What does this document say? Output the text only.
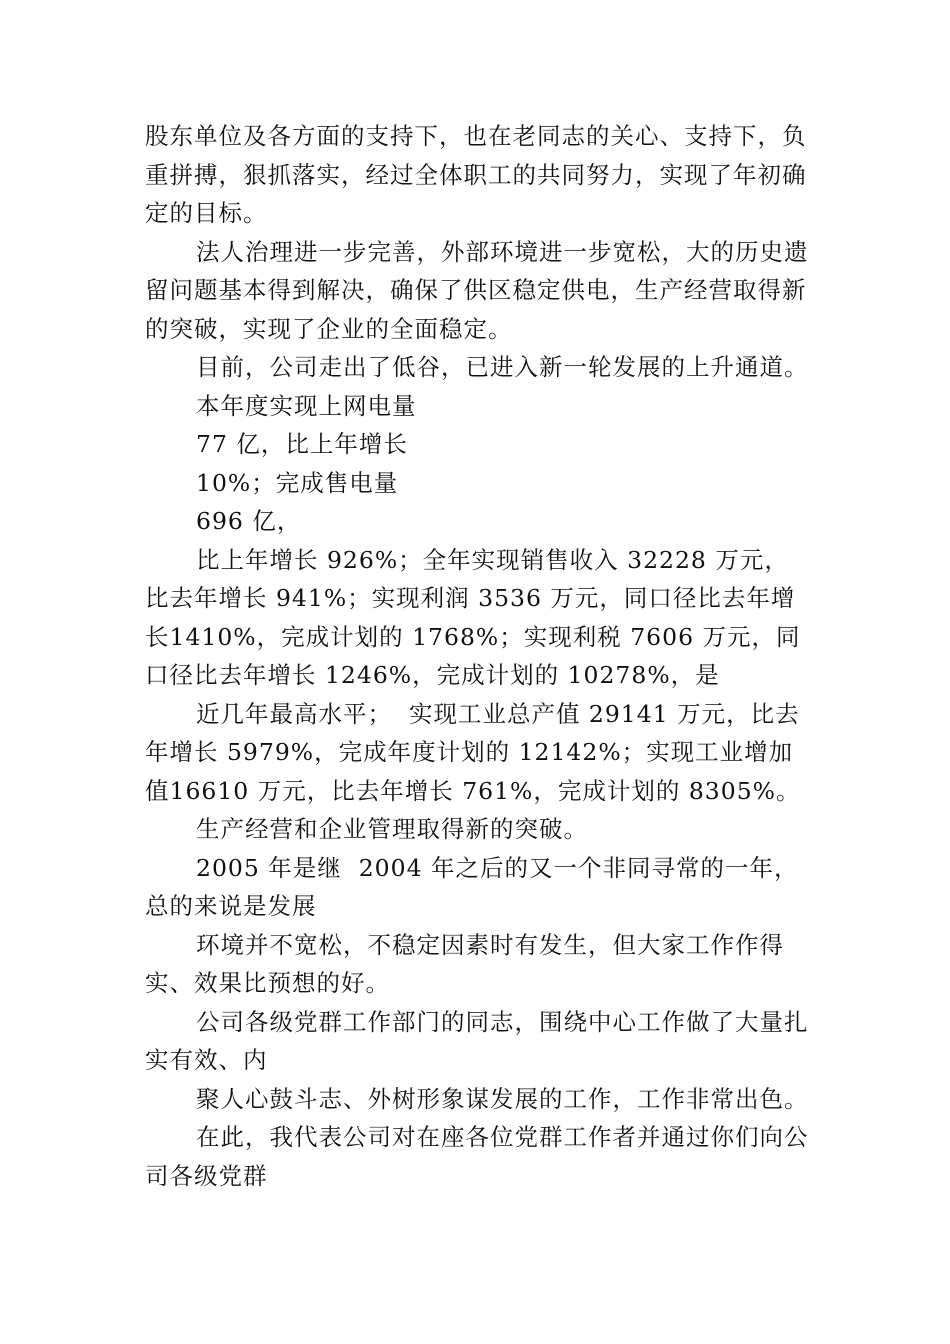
股东单位及各方面的支持下，也在老同志的关心、支持下，负重拼搏，狠抓落实，经过全体职工的共同努力，实现了年初确定的目标。

法人治理进一步完善，外部环境进一步宽松，大的历史遗留问题基本得到解决，确保了供区稳定供电，生产经营取得新的突破，实现了企业的全面稳定。

目前，公司走出了低谷，已进入新一轮发展的上升通道。

本年度实现上网电量

77 亿，比上年增长

10%；完成售电量

696 亿，

比上年增长 926%；全年实现销售收入 32228 万元，比去年增长 941%；实现利润 3536 万元，同口径比去年增长1410%，完成计划的 1768%；实现利税 7606 万元，同口径比去年增长 1246%，完成计划的 10278%，是

近几年最高水平；  实现工业总产值 29141 万元，比去年增长 5979%，完成年度计划的 12142%；实现工业增加值16610 万元，比去年增长 761%，完成计划的 8305%。

生产经营和企业管理取得新的突破。

2005 年是继  2004 年之后的又一个非同寻常的一年，总的来说是发展

环境并不宽松，不稳定因素时有发生，但大家工作作得实、效果比预想的好。

公司各级党群工作部门的同志，围绕中心工作做了大量扎实有效、内

聚人心鼓斗志、外树形象谋发展的工作，工作非常出色。

在此，我代表公司对在座各位党群工作者并通过你们向公司各级党群
